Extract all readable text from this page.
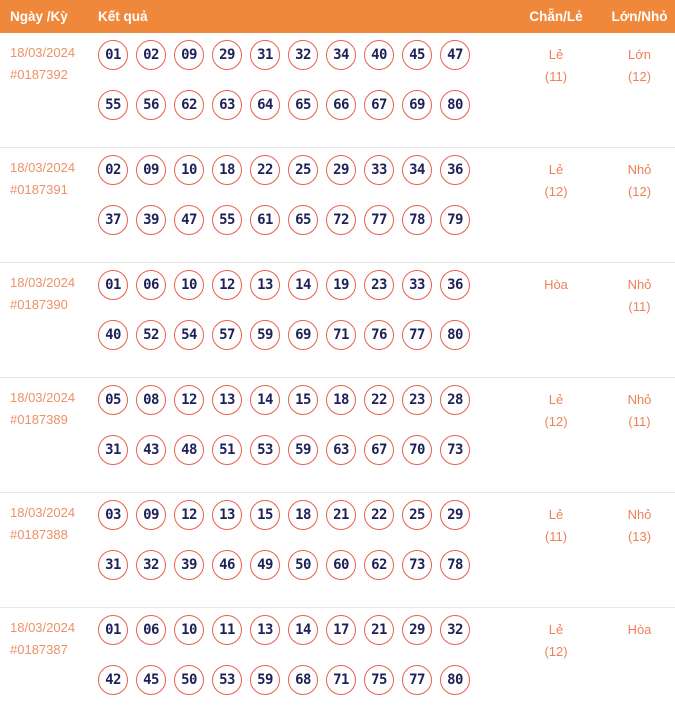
Ngày /Kỳ	Kết quả	Chẵn/Lẻ	Lớn/Nhỏ
18/03/2024
#0187392
01	02	09	29	31	32	34	40	45	47
55	56	62	63	64	65	66	67	69	80
Lẻ
(11)
Lớn
(12)
18/03/2024
#0187391
02	09	10	18	22	25	29	33	34	36
37	39	47	55	61	65	72	77	78	79
Lẻ
(12)
Nhỏ
(12)
18/03/2024
#0187390
01	06	10	12	13	14	19	23	33	36
40	52	54	57	59	69	71	76	77	80
Hòa	Nhỏ
(11)
18/03/2024
#0187389
05	08	12	13	14	15	18	22	23	28
31	43	48	51	53	59	63	67	70	73
Lẻ
(12)
Nhỏ
(11)
18/03/2024
#0187388
03	09	12	13	15	18	21	22	25	29
31	32	39	46	49	50	60	62	73	78
Lẻ
(11)
Nhỏ
(13)
18/03/2024
#0187387
01	06	10	11	13	14	17	21	29	32
42	45	50	53	59	68	71	75	77	80
Lẻ
(12)
Hòa
